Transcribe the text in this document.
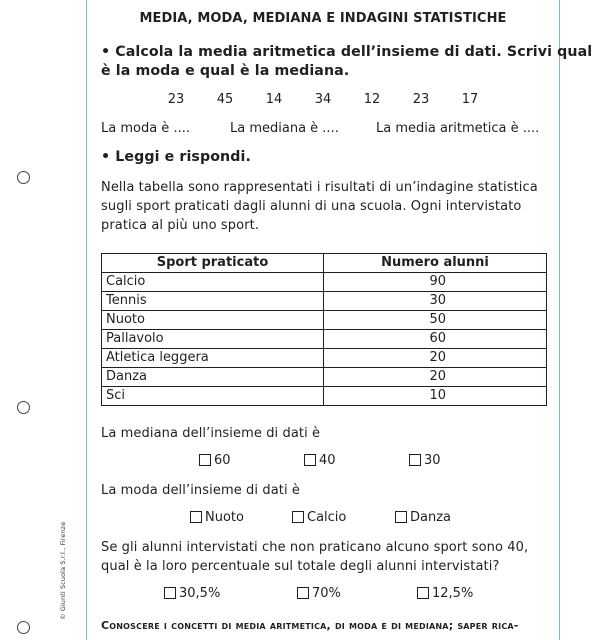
© Giunti Scuola S.r.l., Firenze
MEDIA, MODA, MEDIANA E INDAGINI STATISTICHE
• Calcola la media aritmetica dell’insieme di dati. Scrivi qual
è la moda e qual è la mediana.
23 45 14 34 12 23 17
La moda è ....	La mediana è ....	La media aritmetica è ....
• Leggi e rispondi.
Nella tabella sono rappresentati i risultati di un’indagine statistica
sugli sport praticati dagli alunni di una scuola. Ogni intervistato
pratica al più uno sport.
Sport praticato	Numero alunni
Calcio	90
Tennis	30
Nuoto	50
Pallavolo	60
Atletica leggera	20
Danza	20
Sci	10
La mediana dell’insieme di dati è
60	40	30
La moda dell’insieme di dati è
Nuoto	Calcio	Danza
Se gli alunni intervistati che non praticano alcuno sport sono 40,
qual è la loro percentuale sul totale degli alunni intervistati?
30,5%	70%	12,5%
Conoscere i concetti di media aritmetica, di moda e di mediana; saper rica-
